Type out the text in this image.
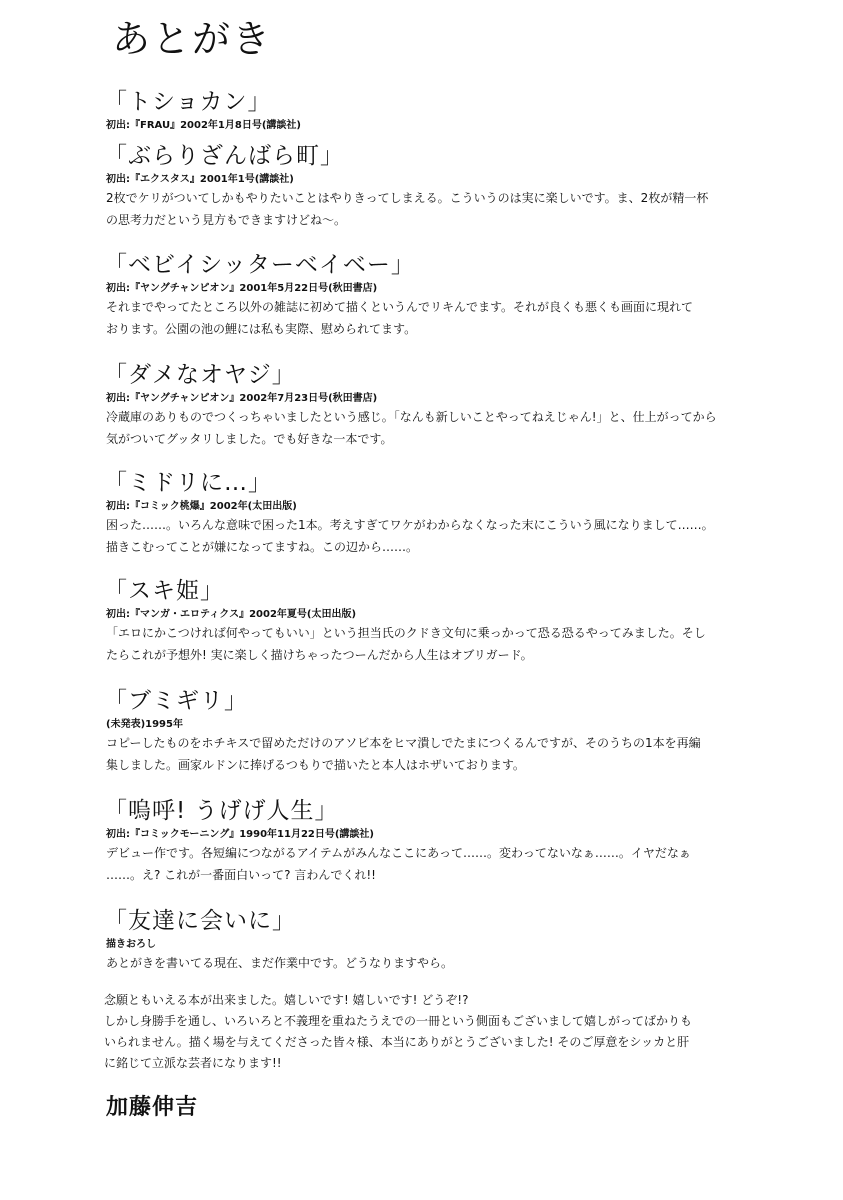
あとがき
「トショカン」
初出:『FRAU』2002年1月8日号(講談社)
「ぶらりざんばら町」
初出:『エクスタス』2001年1号(講談社)

2枚でケリがついてしかもやりたいことはやりきってしまえる。こういうのは実に楽しいです。ま、2枚が精一杯

の思考力だという見方もできますけどね〜。

「ベビイシッターベイベー」
初出:『ヤングチャンピオン』2001年5月22日号(秋田書店)

それまでやってたところ以外の雑誌に初めて描くというんでリキんでます。それが良くも悪くも画面に現れて

おります。公園の池の鯉には私も実際、慰められてます。

「ダメなオヤジ」
初出:『ヤングチャンピオン』2002年7月23日号(秋田書店)

冷蔵庫のありものでつくっちゃいましたという感じ。「なんも新しいことやってねえじゃん!」と、仕上がってから

気がついてグッタリしました。でも好きな一本です。

「ミドリに…」
初出:『コミック桃爆』2002年(太田出版)

困った……。いろんな意味で困った1本。考えすぎてワケがわからなくなった末にこういう風になりまして……。

描きこむってことが嫌になってますね。この辺から……。

「スキ姫」
初出:『マンガ・エロティクス』2002年夏号(太田出版)

「エロにかこつければ何やってもいい」という担当氏のクドき文句に乗っかって恐る恐るやってみました。そし

たらこれが予想外! 実に楽しく描けちゃったつーんだから人生はオブリガード。

「ブミギリ」
(未発表)1995年

コピーしたものをホチキスで留めただけのアソビ本をヒマ潰しでたまにつくるんですが、そのうちの1本を再編

集しました。画家ルドンに捧げるつもりで描いたと本人はホザいております。

「嗚呼! うげげ人生」
初出:『コミックモーニング』1990年11月22日号(講談社)

デビュー作です。各短編につながるアイテムがみんなここにあって……。変わってないなぁ……。イヤだなぁ

……。え? これが一番面白いって? 言わんでくれ!!

「友達に会いに」
描きおろし

あとがきを書いてる現在、まだ作業中です。どうなりますやら。

念願ともいえる本が出来ました。嬉しいです! 嬉しいです! どうぞ!?

しかし身勝手を通し、いろいろと不義理を重ねたうえでの一冊という側面もございまして嬉しがってばかりも

いられません。描く場を与えてくださった皆々様、本当にありがとうございました! そのご厚意をシッカと肝

に銘じて立派な芸者になります!!

加藤伸吉
